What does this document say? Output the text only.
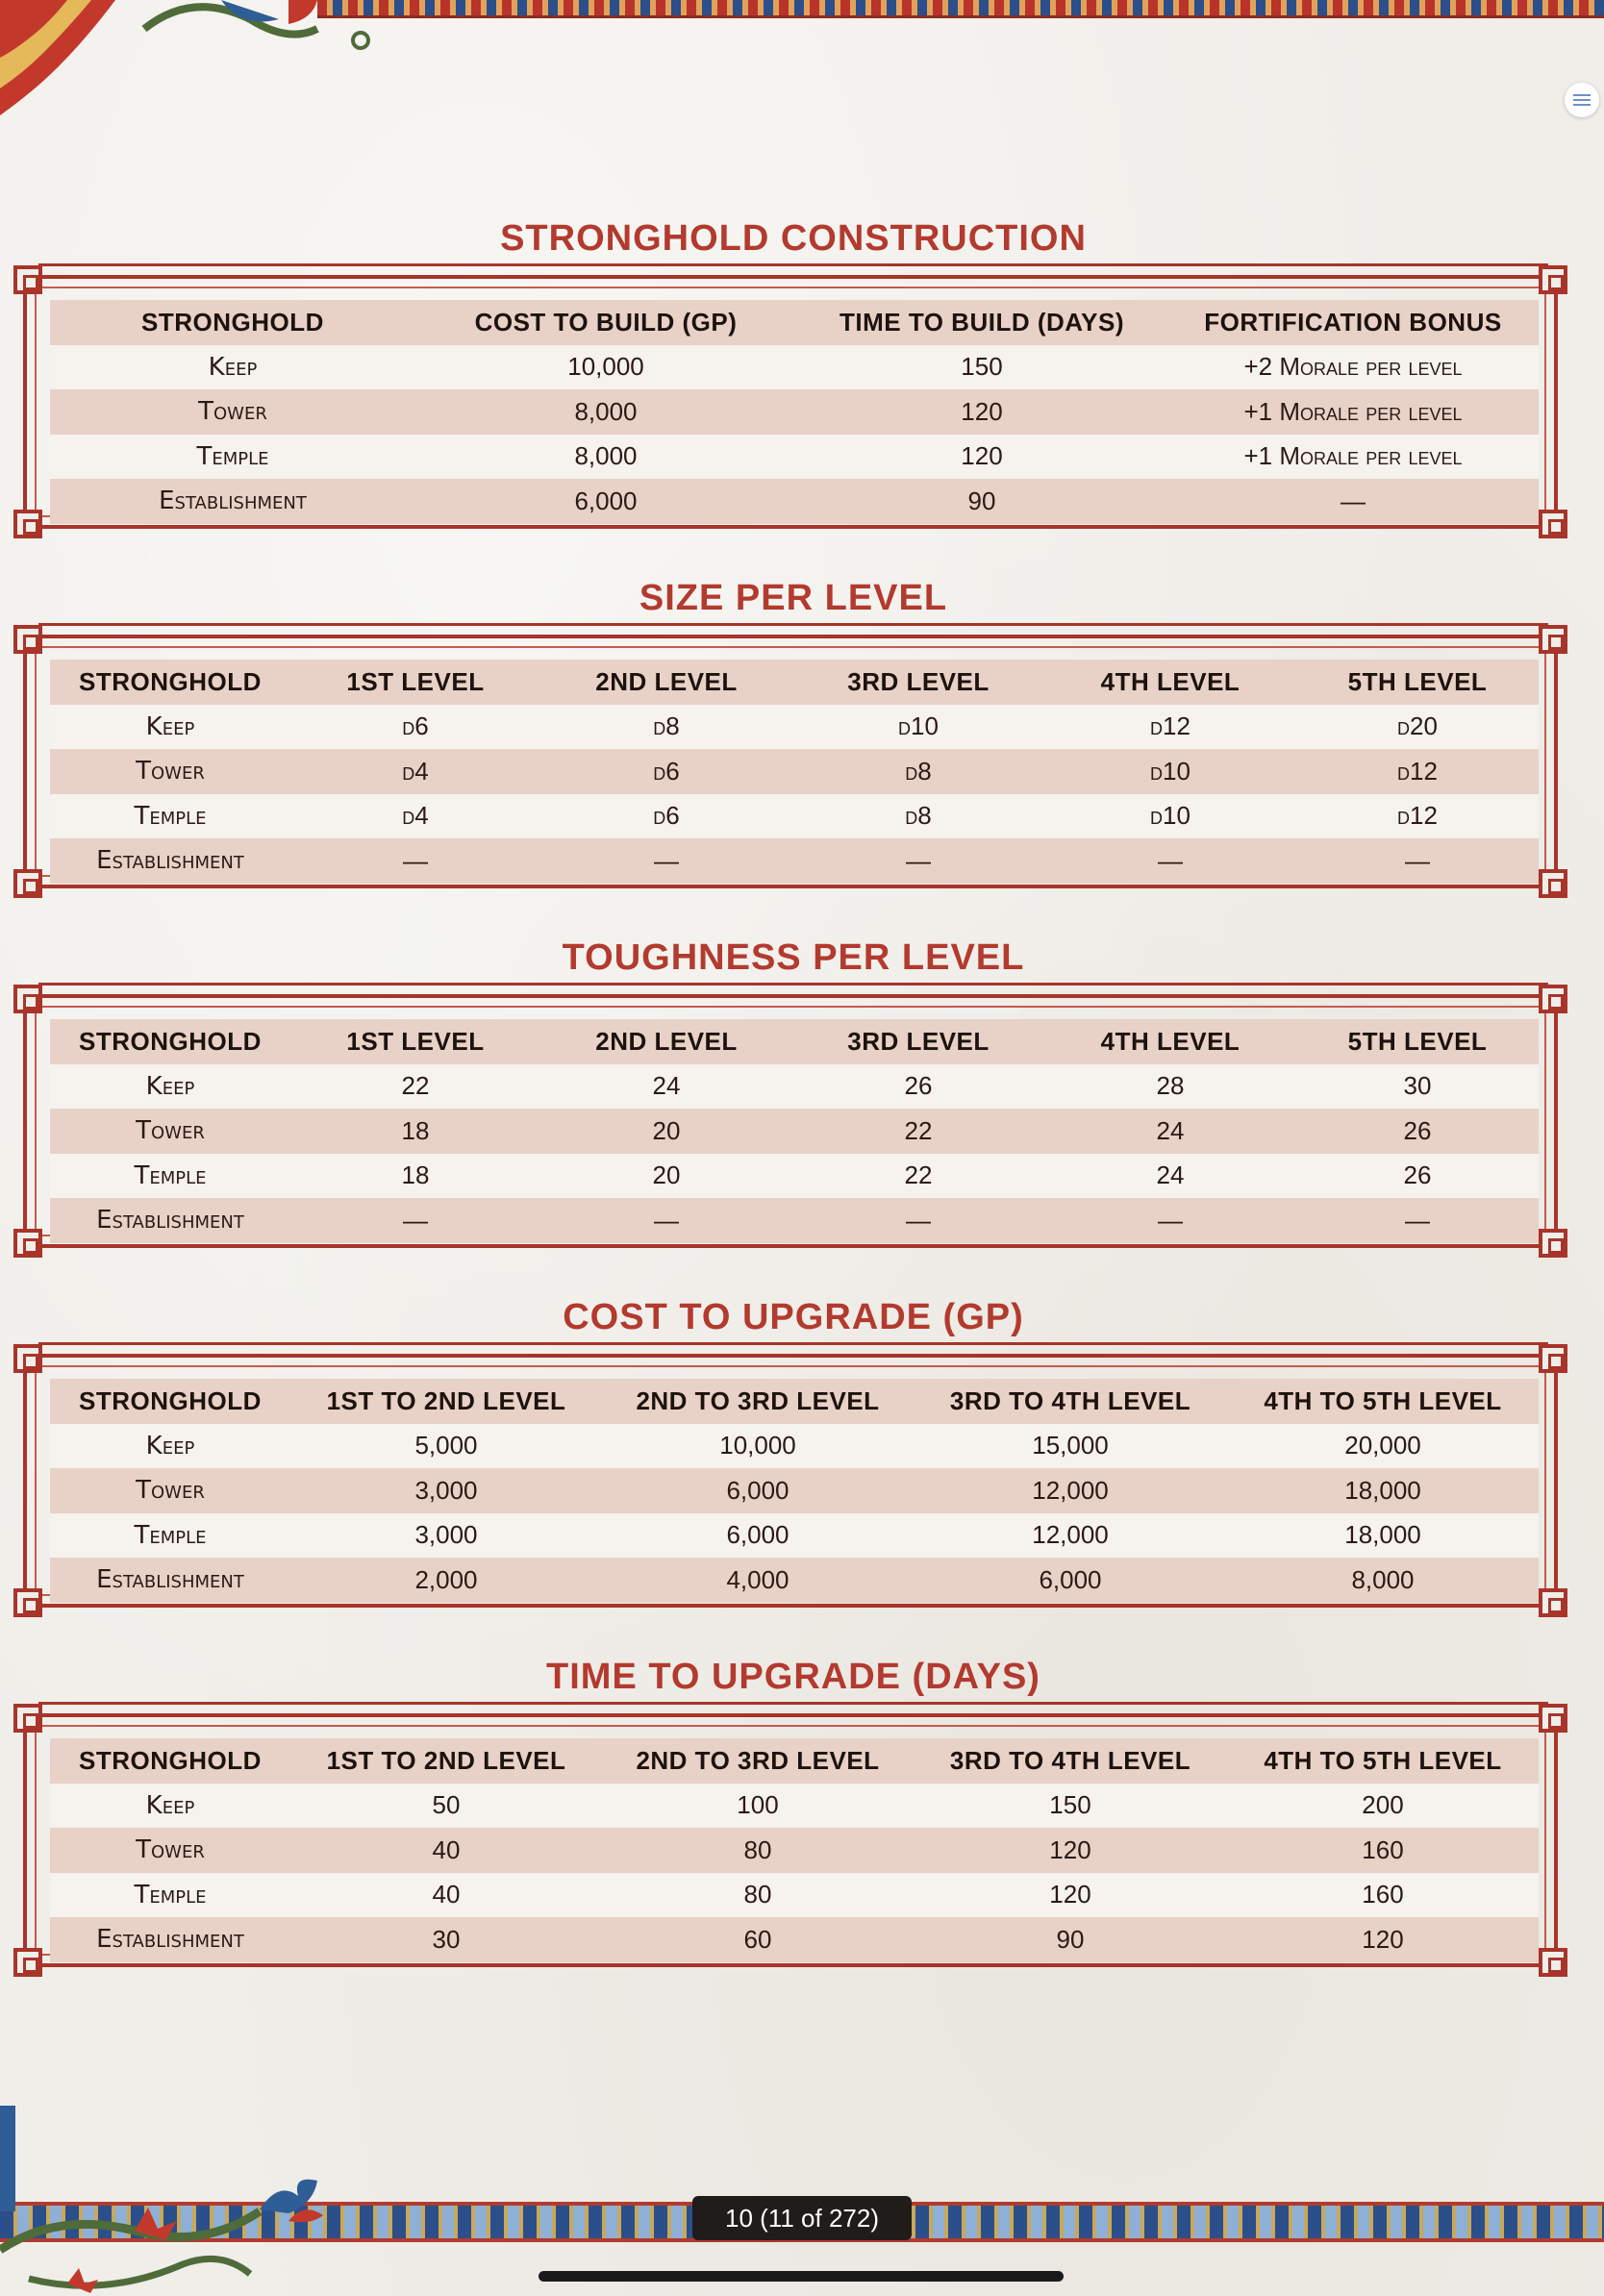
STRONGHOLD CONSTRUCTION
STRONGHOLD	COST TO BUILD (GP)	TIME TO BUILD (DAYS)	FORTIFICATION BONUS
Keep	10,000	150	+2 Morale per level
Tower	8,000	120	+1 Morale per level
Temple	8,000	120	+1 Morale per level
Establishment	6,000	90	—
SIZE PER LEVEL
STRONGHOLD	1ST LEVEL	2ND LEVEL	3RD LEVEL	4TH LEVEL	5TH LEVEL
Keep	d6	d8	d10	d12	d20
Tower	d4	d6	d8	d10	d12
Temple	d4	d6	d8	d10	d12
Establishment	—	—	—	—	—
TOUGHNESS PER LEVEL
STRONGHOLD	1ST LEVEL	2ND LEVEL	3RD LEVEL	4TH LEVEL	5TH LEVEL
Keep	22	24	26	28	30
Tower	18	20	22	24	26
Temple	18	20	22	24	26
Establishment	—	—	—	—	—
COST TO UPGRADE (GP)
STRONGHOLD	1ST TO 2ND LEVEL	2ND TO 3RD LEVEL	3RD TO 4TH LEVEL	4TH TO 5TH LEVEL
Keep	5,000	10,000	15,000	20,000
Tower	3,000	6,000	12,000	18,000
Temple	3,000	6,000	12,000	18,000
Establishment	2,000	4,000	6,000	8,000
TIME TO UPGRADE (DAYS)
STRONGHOLD	1ST TO 2ND LEVEL	2ND TO 3RD LEVEL	3RD TO 4TH LEVEL	4TH TO 5TH LEVEL
Keep	50	100	150	200
Tower	40	80	120	160
Temple	40	80	120	160
Establishment	30	60	90	120
10 (11 of 272)
